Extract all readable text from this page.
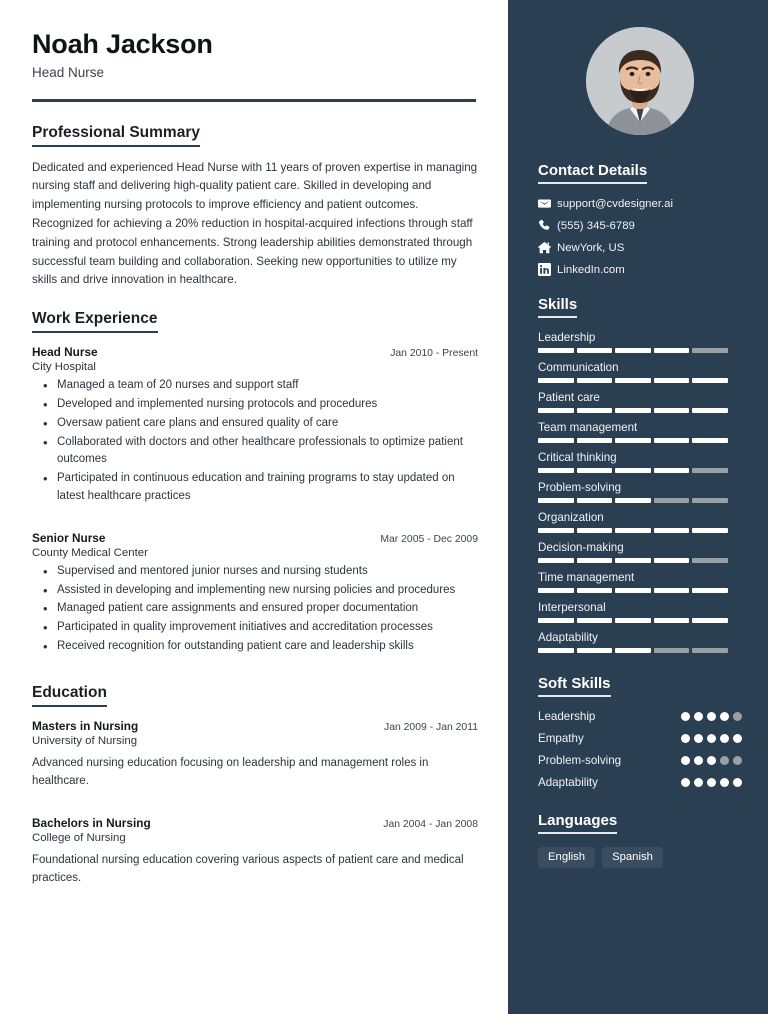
Noah Jackson
Head Nurse
Professional Summary
Dedicated and experienced Head Nurse with 11 years of proven expertise in managing nursing staff and delivering high-quality patient care. Skilled in developing and implementing nursing protocols to improve efficiency and patient outcomes. Recognized for achieving a 20% reduction in hospital-acquired infections through staff training and protocol enhancements. Strong leadership abilities demonstrated through successful team building and collaboration. Seeking new opportunities to utilize my skills and drive innovation in healthcare.
Work Experience
Head Nurse	Jan 2010 - Present
City Hospital
• Managed a team of 20 nurses and support staff
• Developed and implemented nursing protocols and procedures
• Oversaw patient care plans and ensured quality of care
• Collaborated with doctors and other healthcare professionals to optimize patient outcomes
• Participated in continuous education and training programs to stay updated on latest healthcare practices
Senior Nurse	Mar 2005 - Dec 2009
County Medical Center
• Supervised and mentored junior nurses and nursing students
• Assisted in developing and implementing new nursing policies and procedures
• Managed patient care assignments and ensured proper documentation
• Participated in quality improvement initiatives and accreditation processes
• Received recognition for outstanding patient care and leadership skills
Education
Masters in Nursing	Jan 2009 - Jan 2011
University of Nursing
Advanced nursing education focusing on leadership and management roles in healthcare.
Bachelors in Nursing	Jan 2004 - Jan 2008
College of Nursing
Foundational nursing education covering various aspects of patient care and medical practices.
Contact Details
support@cvdesigner.ai
(555) 345-6789
NewYork, US
LinkedIn.com
Skills
Leadership
Communication
Patient care
Team management
Critical thinking
Problem-solving
Organization
Decision-making
Time management
Interpersonal
Adaptability
Soft Skills
Leadership
Empathy
Problem-solving
Adaptability
Languages
English	Spanish
